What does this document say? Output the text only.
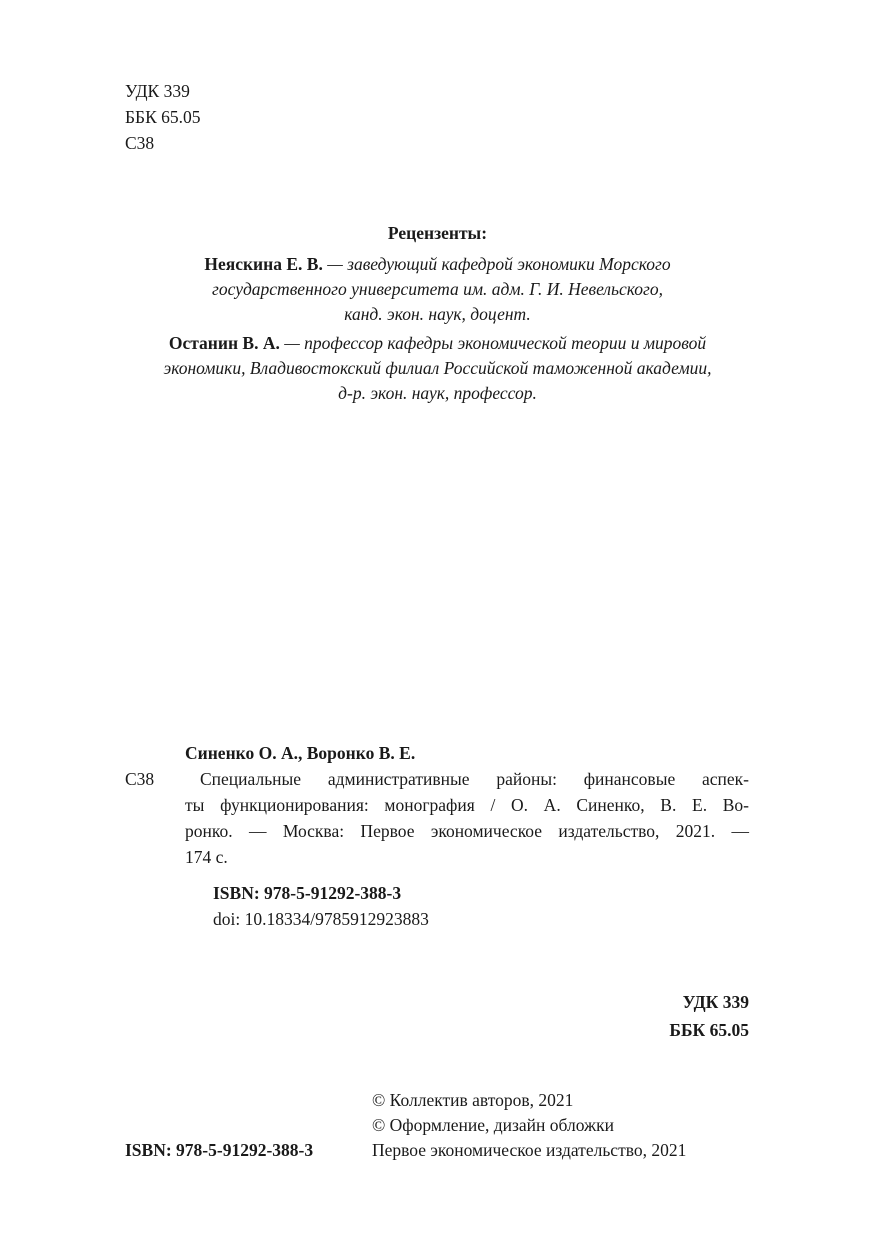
УДК 339
ББК 65.05
С38
Рецензенты:
Неяскина Е. В. — заведующий кафедрой экономики Морского
государственного университета им. адм. Г. И. Невельского,
канд. экон. наук, доцент.
Останин В. А. — профессор кафедры экономической теории и мировой
экономики, Владивостокский филиал Российской таможенной академии,
д-р. экон. наук, профессор.
Синенко О. А., Воронко В. Е.
С38	Специальные административные районы: финансовые аспек-
ты функционирования: монография / О. А. Синенко, В. Е. Во-
ронко. — Москва: Первое экономическое издательство, 2021. —
174 с.
ISBN: 978-5-91292-388-3
doi: 10.18334/9785912923883
УДК 339
ББК 65.05
© Коллектив авторов, 2021
© Оформление, дизайн обложки
Первое экономическое издательство, 2021
ISBN: 978-5-91292-388-3
